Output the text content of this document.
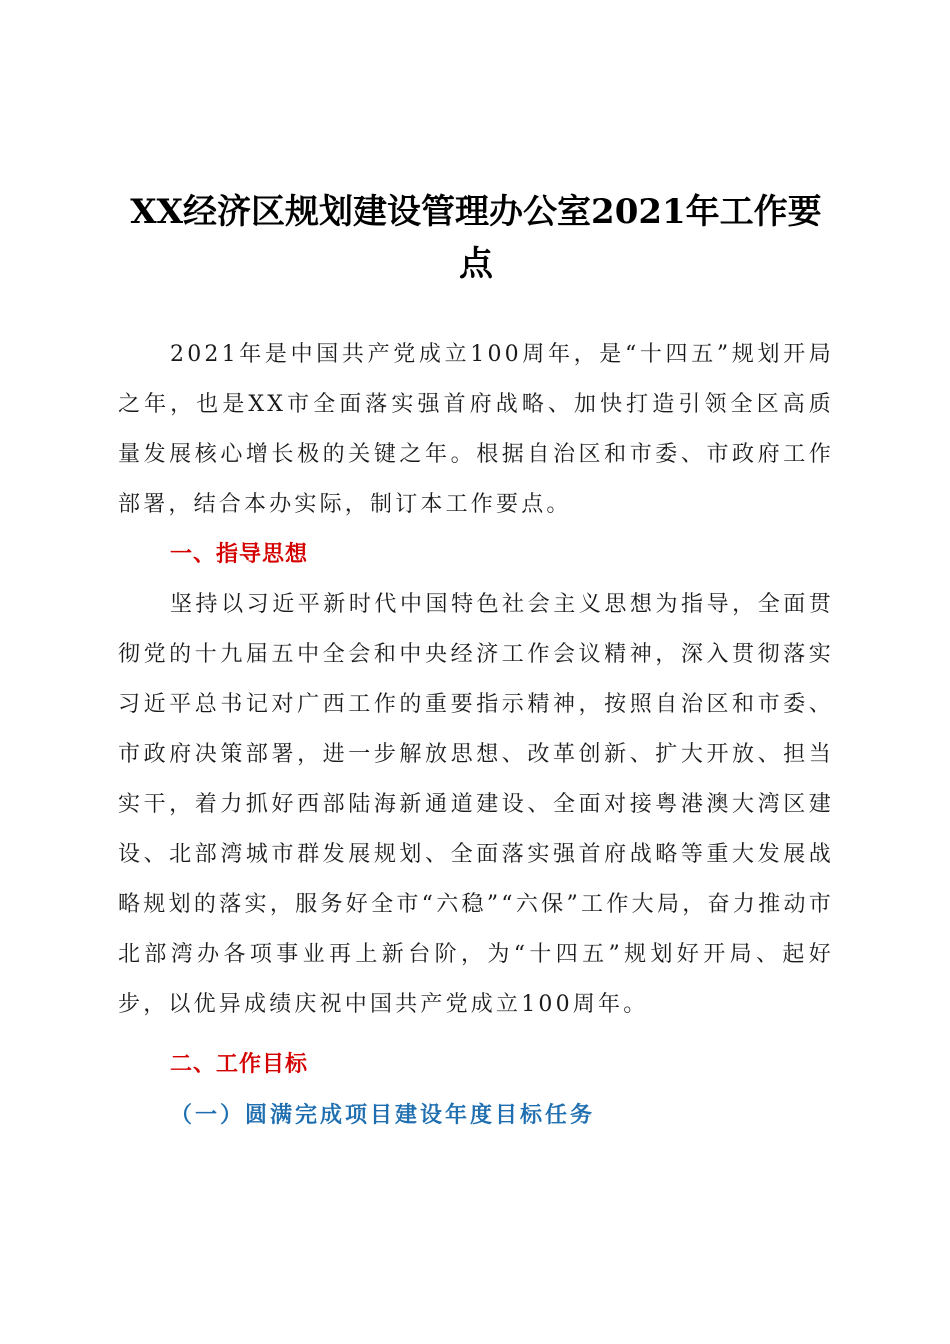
XX经济区规划建设管理办公室2021年工作要点

2021年是中国共产党成立100周年，是“十四五”规划开局之年，也是XX市全面落实强首府战略、加快打造引领全区高质量发展核心增长极的关键之年。根据自治区和市委、市政府工作部署，结合本办实际，制订本工作要点。

一、指导思想

坚持以习近平新时代中国特色社会主义思想为指导，全面贯彻党的十九届五中全会和中央经济工作会议精神，深入贯彻落实习近平总书记对广西工作的重要指示精神，按照自治区和市委、市政府决策部署，进一步解放思想、改革创新、扩大开放、担当实干，着力抓好西部陆海新通道建设、全面对接粤港澳大湾区建设、北部湾城市群发展规划、全面落实强首府战略等重大发展战略规划的落实，服务好全市“六稳”“六保”工作大局，奋力推动市北部湾办各项事业再上新台阶，为“十四五”规划好开局、起好步，以优异成绩庆祝中国共产党成立100周年。

二、工作目标
（一）圆满完成项目建设年度目标任务
